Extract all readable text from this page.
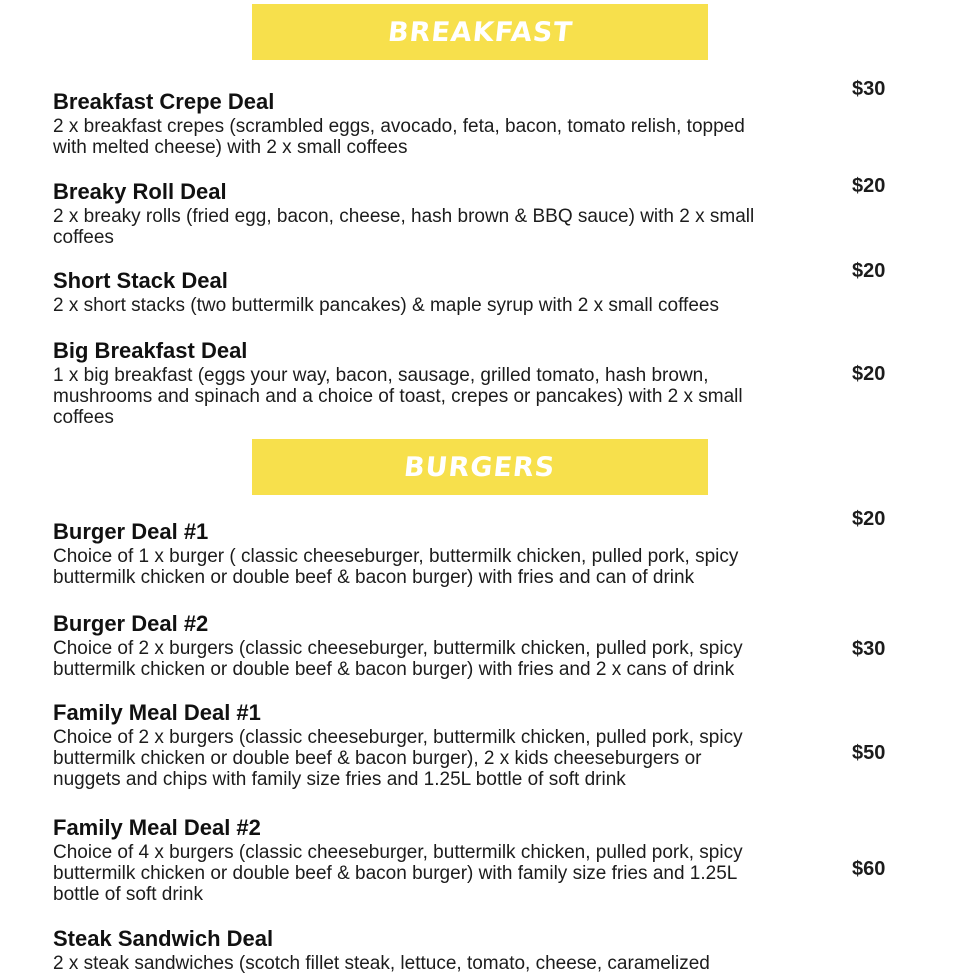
BREAKFAST
Breakfast Crepe Deal
2 x breakfast crepes (scrambled eggs, avocado, feta, bacon, tomato relish, topped
with melted cheese) with 2 x small coffees
$30
Breaky Roll Deal
2 x breaky rolls (fried egg, bacon, cheese, hash brown & BBQ sauce) with 2 x small
coffees
$20
Short Stack Deal
2 x short stacks (two buttermilk pancakes) & maple syrup with 2 x small coffees
$20
Big Breakfast Deal
1 x big breakfast (eggs your way, bacon, sausage, grilled tomato, hash brown,
mushrooms and spinach and a choice of toast, crepes or pancakes) with 2 x small
coffees
$20
BURGERS
Burger Deal #1
Choice of 1 x burger ( classic cheeseburger, buttermilk chicken, pulled pork, spicy
buttermilk chicken or double beef & bacon burger) with fries and can of drink
$20
Burger Deal #2
Choice of 2 x burgers (classic cheeseburger, buttermilk chicken, pulled pork, spicy
buttermilk chicken or double beef & bacon burger) with fries and 2 x cans of drink
$30
Family Meal Deal #1
Choice of 2 x burgers (classic cheeseburger, buttermilk chicken, pulled pork, spicy
buttermilk chicken or double beef & bacon burger), 2 x kids cheeseburgers or
nuggets and chips with family size fries and 1.25L bottle of soft drink
$50
Family Meal Deal #2
Choice of 4 x burgers (classic cheeseburger, buttermilk chicken, pulled pork, spicy
buttermilk chicken or double beef & bacon burger) with family size fries and 1.25L
bottle of soft drink
$60
Steak Sandwich Deal
2 x steak sandwiches (scotch fillet steak, lettuce, tomato, cheese, caramelized
